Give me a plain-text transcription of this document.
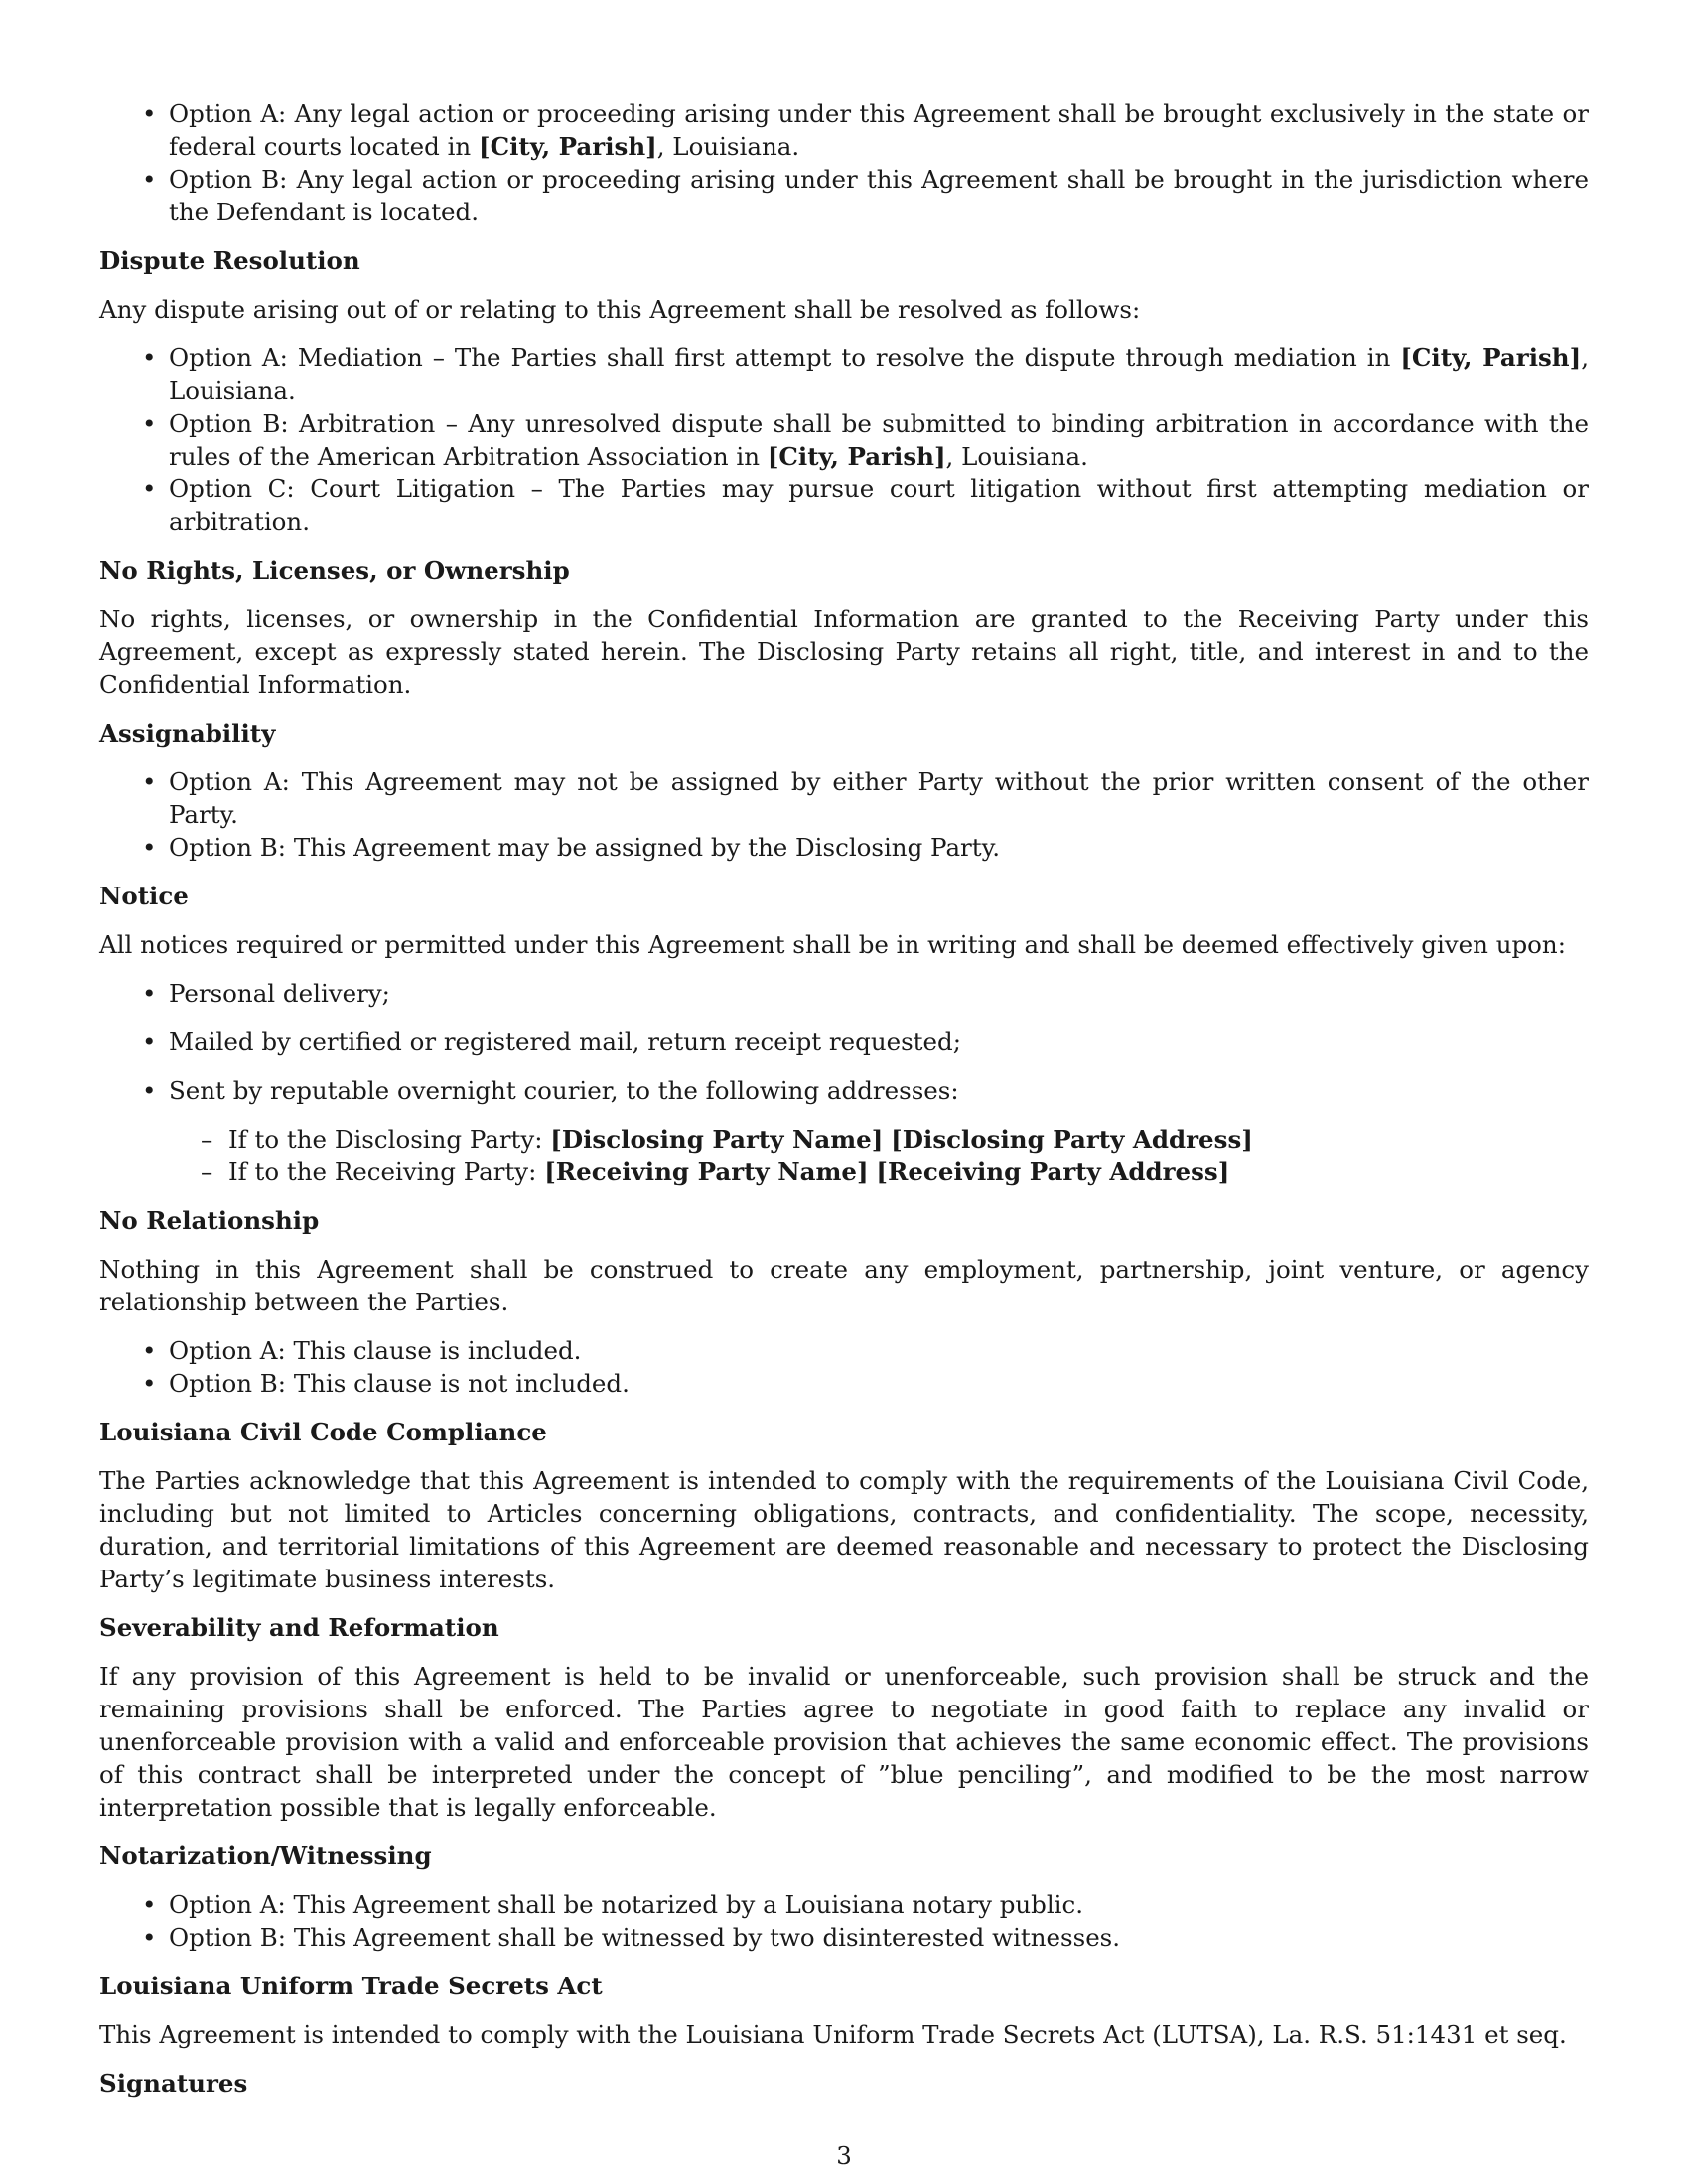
• Option A: Any legal action or proceeding arising under this Agreement shall be brought exclusively in the state or federal courts located in [City, Parish], Louisiana.
• Option B: Any legal action or proceeding arising under this Agreement shall be brought in the jurisdiction where the Defendant is located.
Dispute Resolution

Any dispute arising out of or relating to this Agreement shall be resolved as follows:

• Option A: Mediation – The Parties shall first attempt to resolve the dispute through mediation in [City, Parish], Louisiana.
• Option B: Arbitration – Any unresolved dispute shall be submitted to binding arbitration in accordance with the rules of the American Arbitration Association in [City, Parish], Louisiana.
• Option C: Court Litigation – The Parties may pursue court litigation without first attempting mediation or arbitration.
No Rights, Licenses, or Ownership

No rights, licenses, or ownership in the Confidential Information are granted to the Receiving Party under this Agreement, except as expressly stated herein. The Disclosing Party retains all right, title, and interest in and to the Confidential Information.

Assignability
• Option A: This Agreement may not be assigned by either Party without the prior written consent of the other Party.
• Option B: This Agreement may be assigned by the Disclosing Party.
Notice

All notices required or permitted under this Agreement shall be in writing and shall be deemed effectively given upon:

• Personal delivery;
• Mailed by certified or registered mail, return receipt requested;
• Sent by reputable overnight courier, to the following addresses:
– If to the Disclosing Party: [Disclosing Party Name] [Disclosing Party Address]
– If to the Receiving Party: [Receiving Party Name] [Receiving Party Address]
No Relationship

Nothing in this Agreement shall be construed to create any employment, partnership, joint venture, or agency relationship between the Parties.

• Option A: This clause is included.
• Option B: This clause is not included.
Louisiana Civil Code Compliance

The Parties acknowledge that this Agreement is intended to comply with the requirements of the Louisiana Civil Code, including but not limited to Articles concerning obligations, contracts, and confidentiality. The scope, necessity, duration, and territorial limitations of this Agreement are deemed reasonable and necessary to protect the Disclosing Party’s legitimate business interests.

Severability and Reformation

If any provision of this Agreement is held to be invalid or unenforceable, such provision shall be struck and the remaining provisions shall be enforced. The Parties agree to negotiate in good faith to replace any invalid or unenforceable provision with a valid and enforceable provision that achieves the same economic effect. The provisions of this contract shall be interpreted under the concept of ”blue penciling”, and modified to be the most narrow interpretation possible that is legally enforceable.

Notarization/Witnessing
• Option A: This Agreement shall be notarized by a Louisiana notary public.
• Option B: This Agreement shall be witnessed by two disinterested witnesses.
Louisiana Uniform Trade Secrets Act

This Agreement is intended to comply with the Louisiana Uniform Trade Secrets Act (LUTSA), La. R.S. 51:1431 et seq.

Signatures
3
